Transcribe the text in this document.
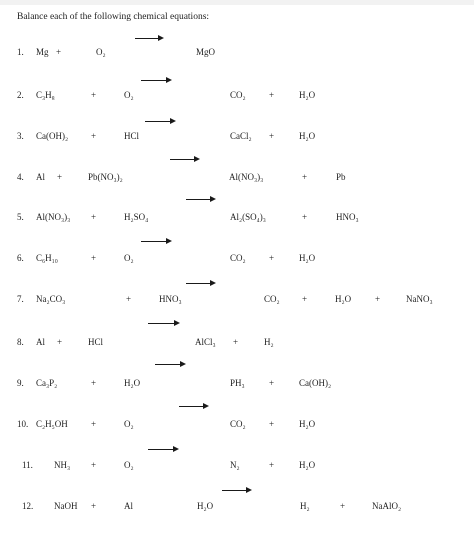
Balance each of the following chemical equations:
1. Mg +	O₂	MgO
2. C₃H₈	+	O₂	CO₂	+	H₂O
3. Ca(OH)₂	+	HCl	CaCl₂ +	H₂O
4. Al +	Pb(NO₃)₂	Al(NO₃)₃	+	Pb
5. Al(NO₃)₃ +	H₂SO₄	Al₂(SO₄)₃	+	HNO₃
6. C₆H₁₀	+	O₂	CO₂	+	H₂O
7. Na₂CO₃	+	HNO₃	CO₂ +	H₂O	+	NaNO₃
8. Al +	HCl	AlCl₃ +	H₂
9. Ca₃P₂	+	H₂O	PH₃	+	Ca(OH)₂
10. C₂H₅OH	+	O₂	CO₂	+	H₂O
11. NH₃ +	O₂	N₂	+	H₂O
12. NaOH +	Al	H₂O	H₂	+	NaAlO₂
